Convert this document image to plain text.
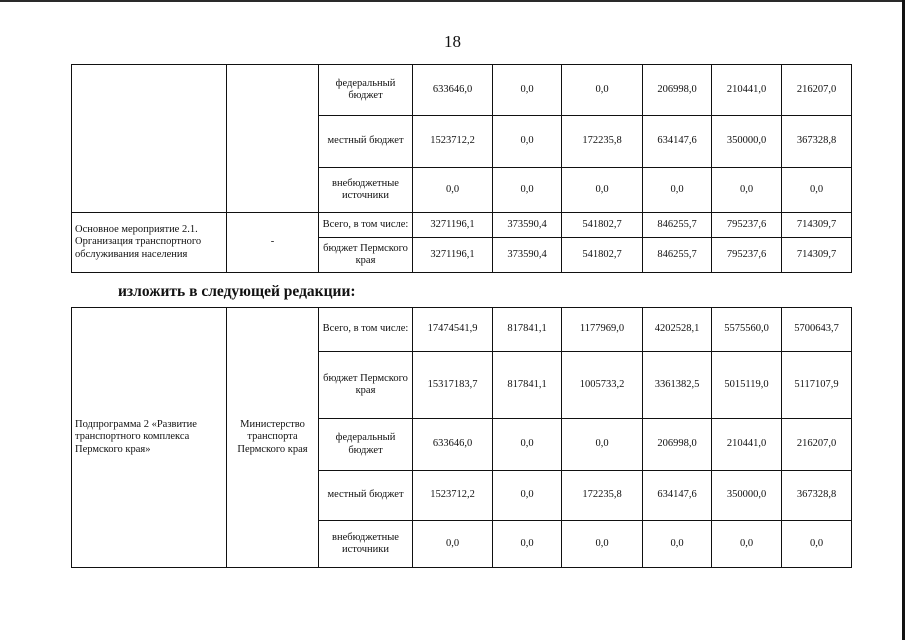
18
		федеральный бюджет	633646,0	0,0	0,0	206998,0	210441,0	216207,0
		местный бюджет	1523712,2	0,0	172235,8	634147,6	350000,0	367328,8
		внебюджетные источники	0,0	0,0	0,0	0,0	0,0	0,0
Основное мероприятие 2.1. Организация транспортного обслуживания населения	-	Всего, в том числе:	3271196,1	373590,4	541802,7	846255,7	795237,6	714309,7
		бюджет Пермского края	3271196,1	373590,4	541802,7	846255,7	795237,6	714309,7
изложить в следующей редакции:
Подпрограмма 2 «Развитие транспортного комплекса Пермского края»	Министерство транспорта Пермского края	Всего, в том числе:	17474541,9	817841,1	1177969,0	4202528,1	5575560,0	5700643,7
		бюджет Пермского края	15317183,7	817841,1	1005733,2	3361382,5	5015119,0	5117107,9
		федеральный бюджет	633646,0	0,0	0,0	206998,0	210441,0	216207,0
		местный бюджет	1523712,2	0,0	172235,8	634147,6	350000,0	367328,8
		внебюджетные источники	0,0	0,0	0,0	0,0	0,0	0,0
